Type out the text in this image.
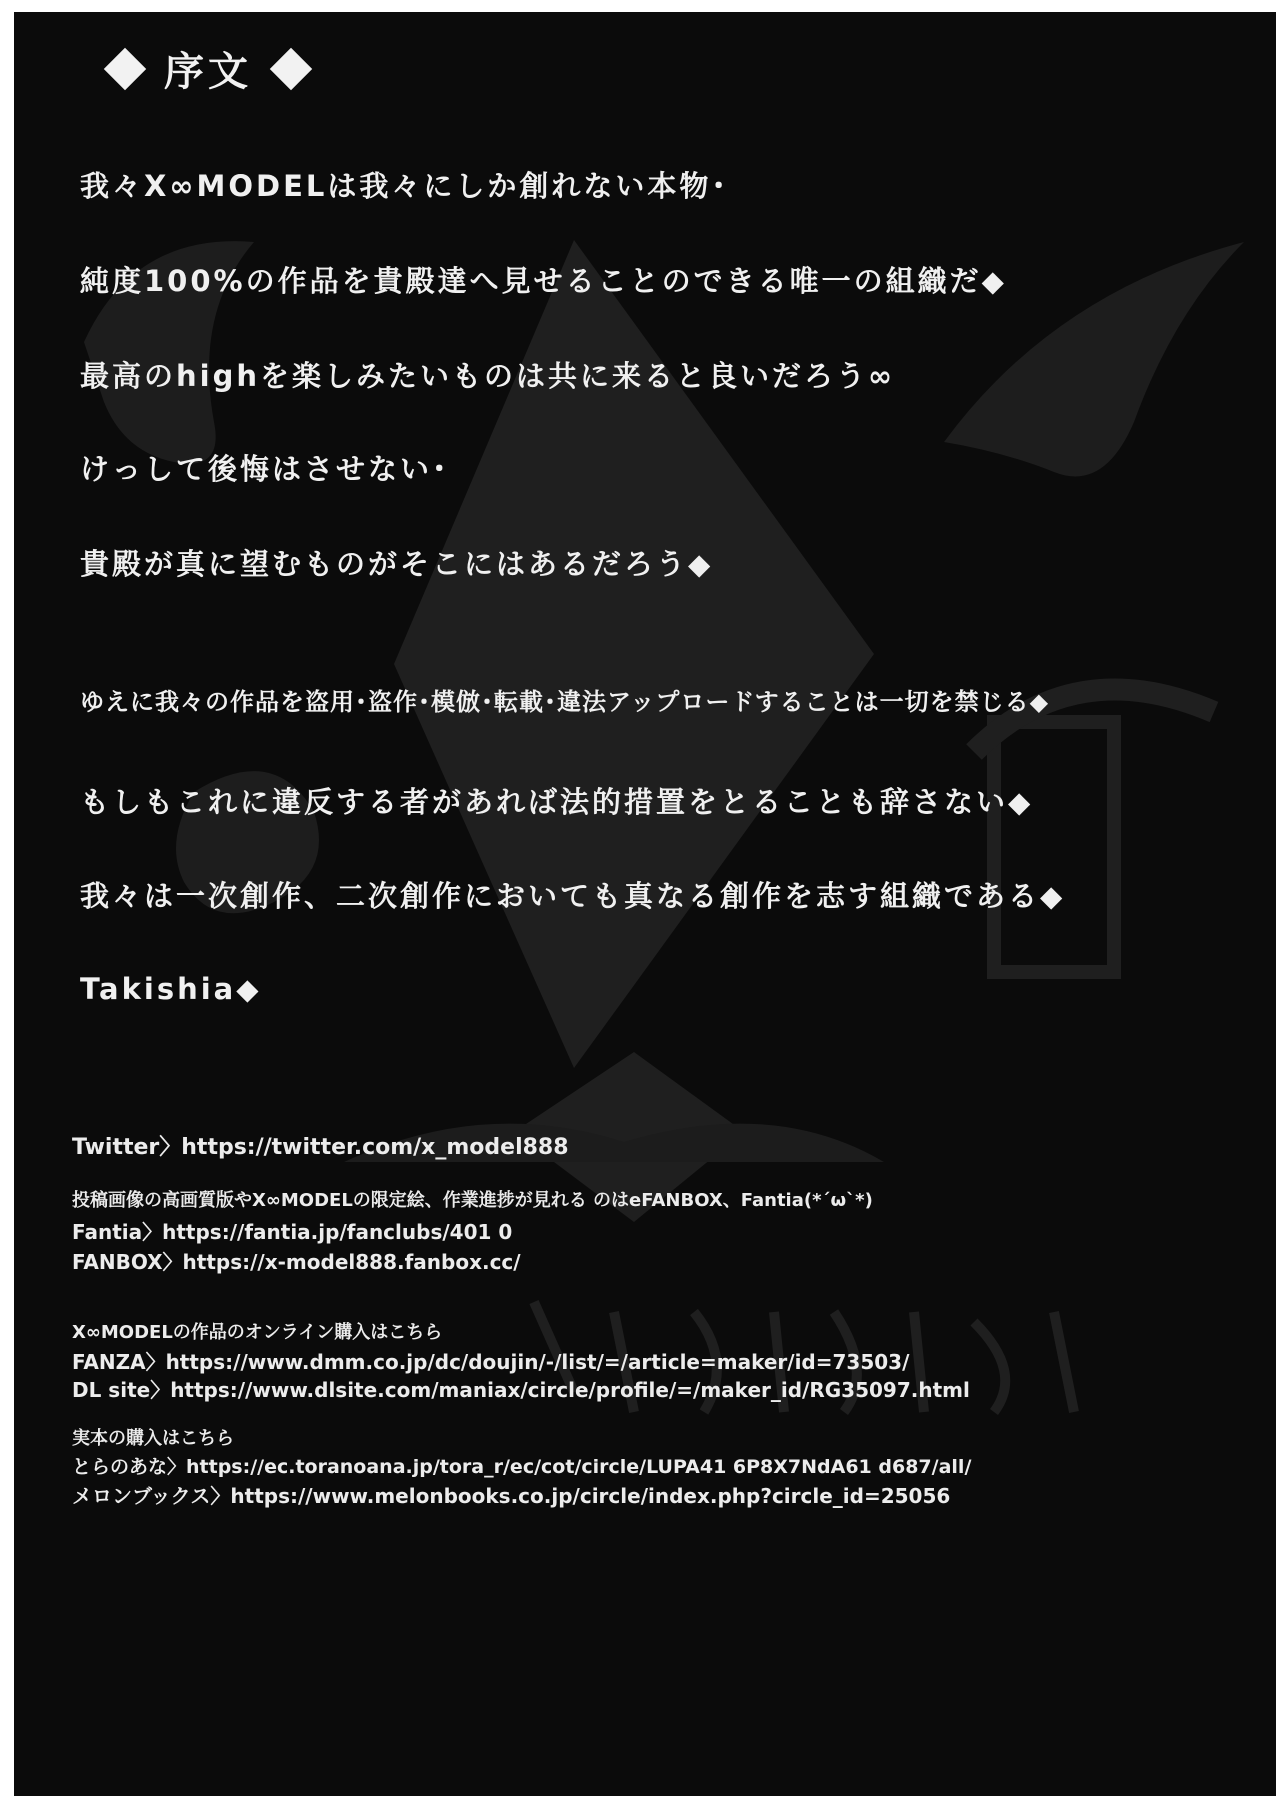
序文
我々X∞MODELは我々にしか創れない本物･
純度100%の作品を貴殿達へ見せることのできる唯一の組織だ◆
最高のhighを楽しみたいものは共に来ると良いだろう∞
けっして後悔はさせない･
貴殿が真に望むものがそこにはあるだろう◆
ゆえに我々の作品を盗用･盗作･模倣･転載･違法アップロードすることは一切を禁じる◆
もしもこれに違反する者があれば法的措置をとることも辞さない◆
我々は一次創作、二次創作においても真なる創作を志す組織である◆
Takishia◆
Twitter〉https://twitter.com/x_model888
投稿画像の高画質版やX∞MODELの限定絵、作業進捗が見れる のはeFANBOX、Fantia(*´ω`*)
Fantia〉https://fantia.jp/fanclubs/401 0
FANBOX〉https://x-model888.fanbox.cc/
X∞MODELの作品のオンライン購入はこちら
FANZA〉https://www.dmm.co.jp/dc/doujin/-/list/=/article=maker/id=73503/
DL site〉https://www.dlsite.com/maniax/circle/profile/=/maker_id/RG35097.html
実本の購入はこちら
とらのあな〉https://ec.toranoana.jp/tora_r/ec/cot/circle/LUPA41 6P8X7NdA61 d687/all/
メロンブックス〉https://www.melonbooks.co.jp/circle/index.php?circle_id=25056
